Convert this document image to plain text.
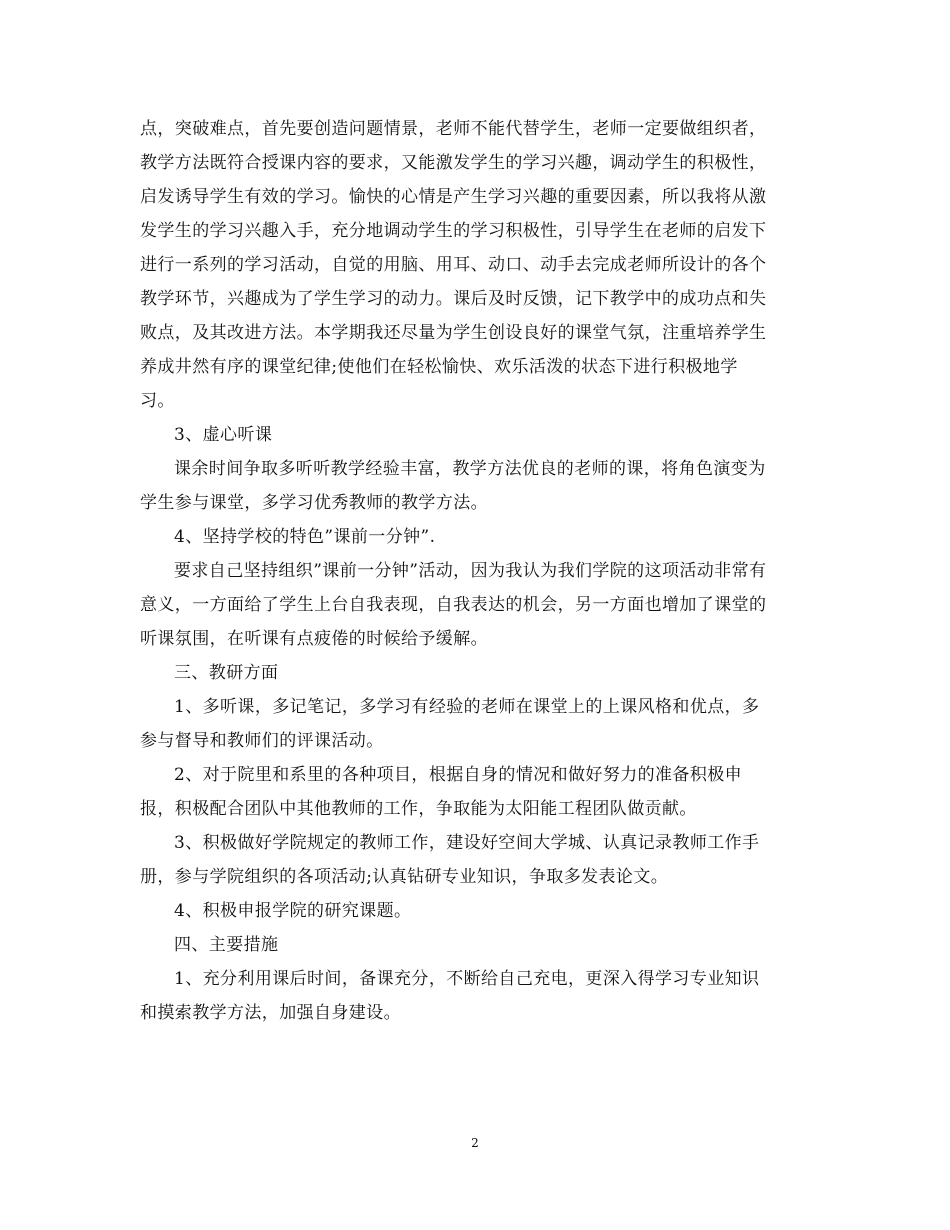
点，突破难点，首先要创造问题情景，老师不能代替学生，老师一定要做组织者，
教学方法既符合授课内容的要求，又能激发学生的学习兴趣，调动学生的积极性，
启发诱导学生有效的学习。愉快的心情是产生学习兴趣的重要因素，所以我将从激
发学生的学习兴趣入手，充分地调动学生的学习积极性，引导学生在老师的启发下
进行一系列的学习活动，自觉的用脑、用耳、动口、动手去完成老师所设计的各个
教学环节，兴趣成为了学生学习的动力。课后及时反馈，记下教学中的成功点和失
败点，及其改进方法。本学期我还尽量为学生创设良好的课堂气氛，注重培养学生
养成井然有序的课堂纪律;使他们在轻松愉快、欢乐活泼的状态下进行积极地学
习。
3、虚心听课
课余时间争取多听听教学经验丰富，教学方法优良的老师的课，将角色演变为
学生参与课堂，多学习优秀教师的教学方法。
4、坚持学校的特色”课前一分钟”.
要求自己坚持组织”课前一分钟”活动，因为我认为我们学院的这项活动非常有
意义，一方面给了学生上台自我表现，自我表达的机会，另一方面也增加了课堂的
听课氛围，在听课有点疲倦的时候给予缓解。
三、教研方面
1、多听课，多记笔记，多学习有经验的老师在课堂上的上课风格和优点，多
参与督导和教师们的评课活动。
2、对于院里和系里的各种项目，根据自身的情况和做好努力的准备积极申
报，积极配合团队中其他教师的工作，争取能为太阳能工程团队做贡献。
3、积极做好学院规定的教师工作，建设好空间大学城、认真记录教师工作手
册，参与学院组织的各项活动;认真钻研专业知识，争取多发表论文。
4、积极申报学院的研究课题。
四、主要措施
1、充分利用课后时间，备课充分，不断给自己充电，更深入得学习专业知识
和摸索教学方法，加强自身建设。
2
